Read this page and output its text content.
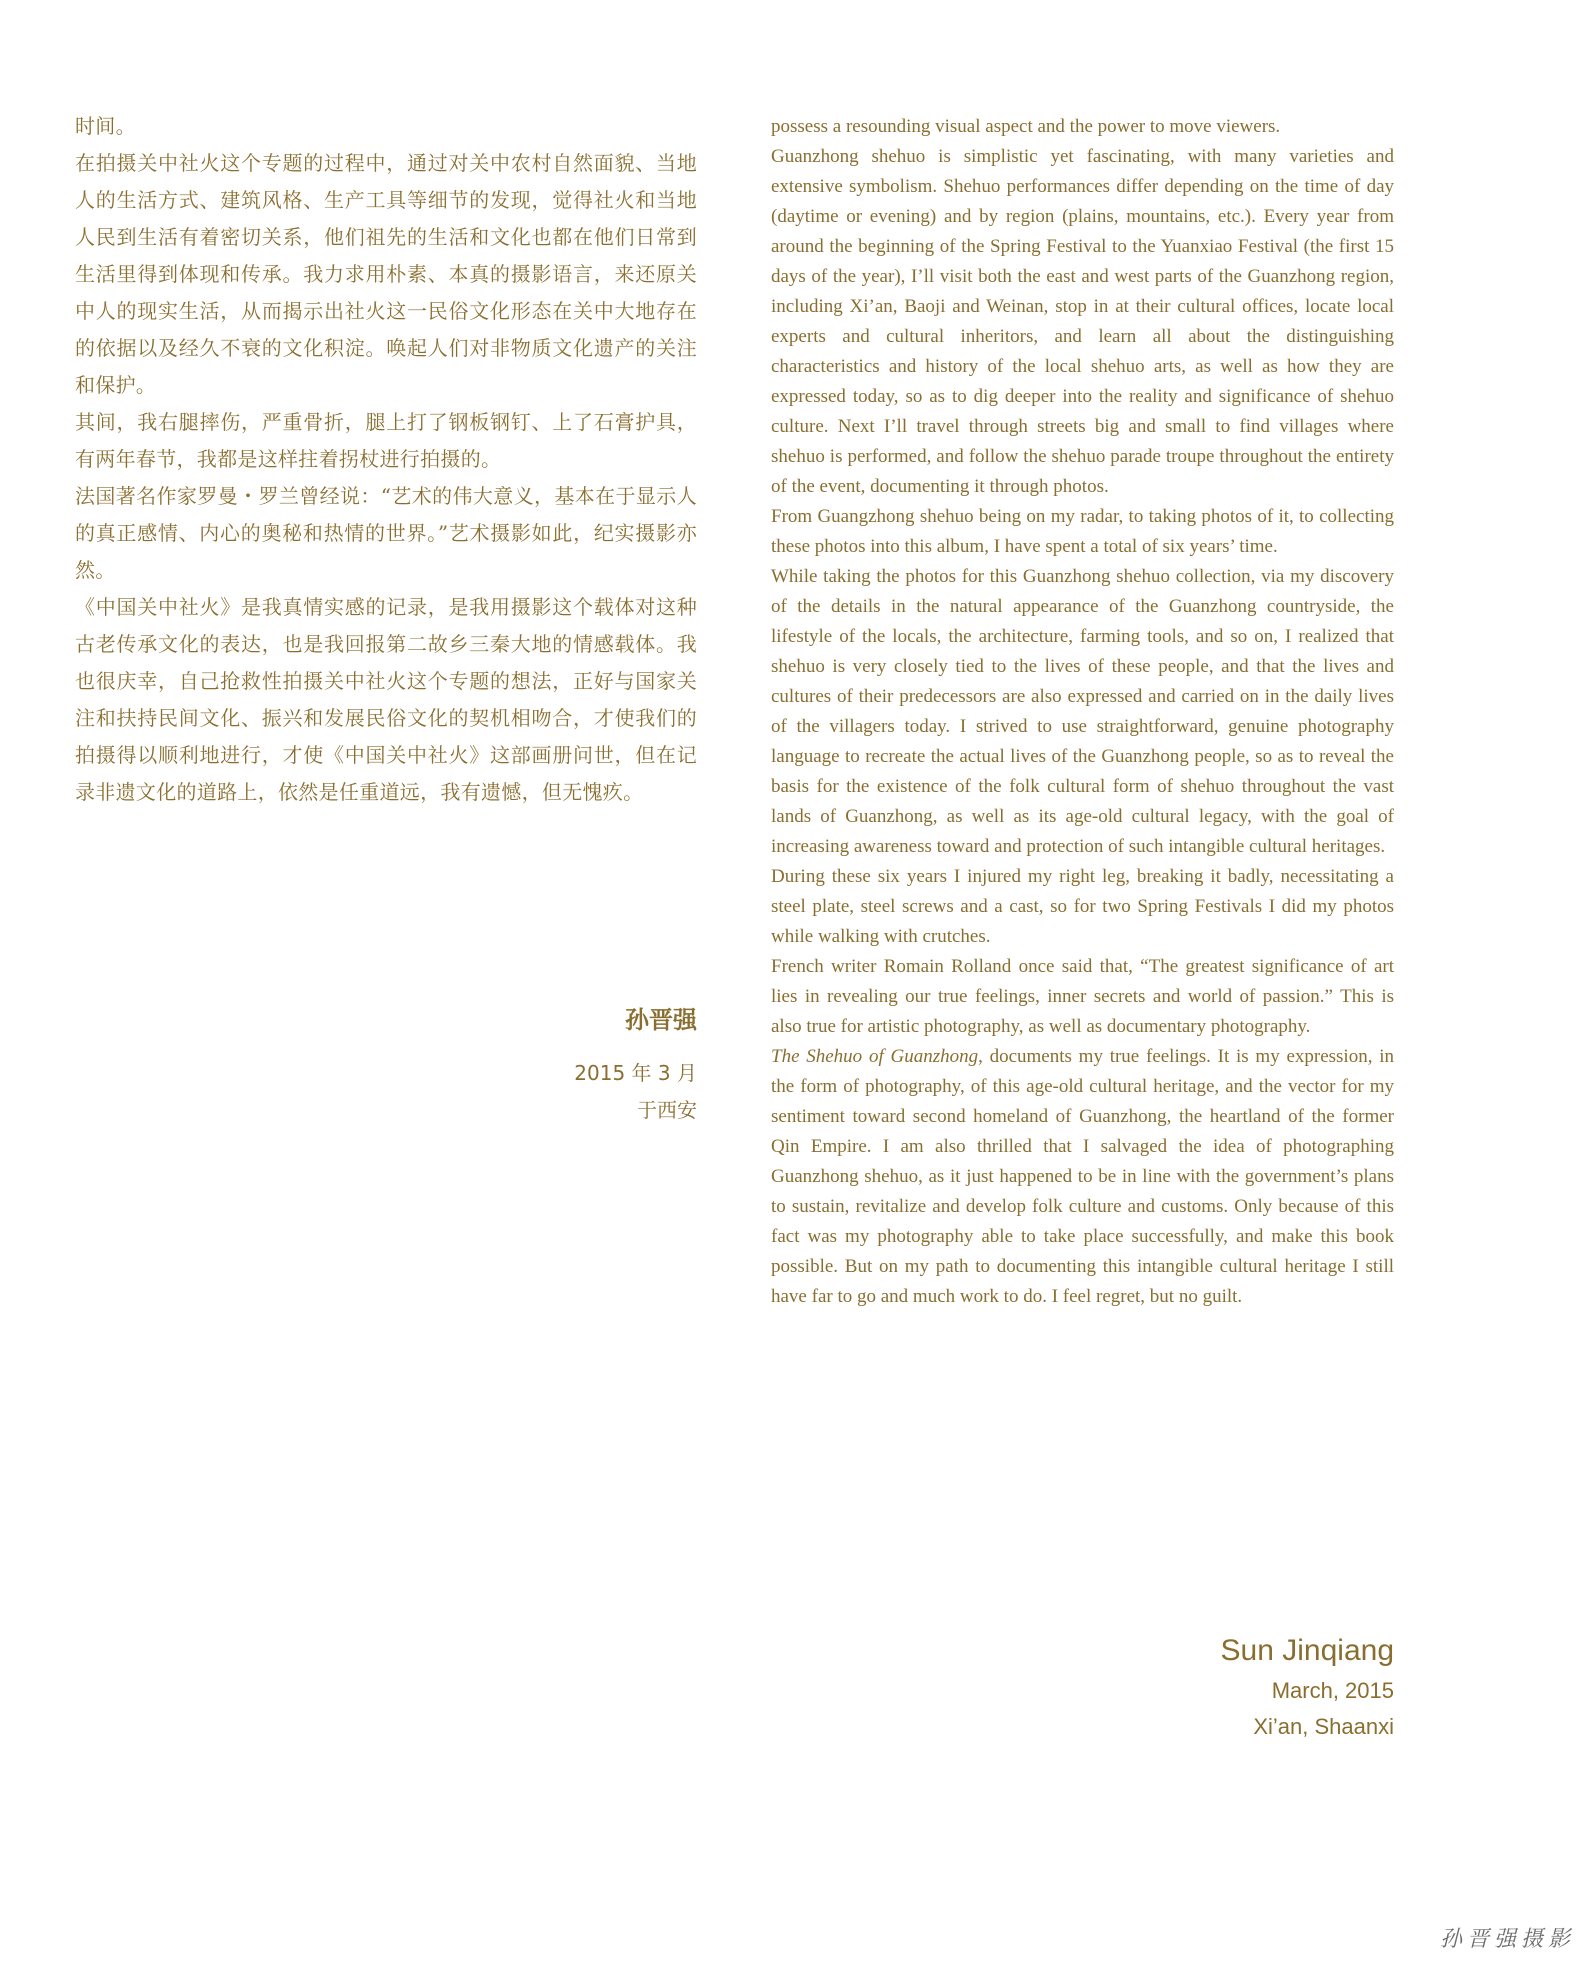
时间。

在拍摄关中社火这个专题的过程中，通过对关中农村自然面貌、当地人的生活方式、建筑风格、生产工具等细节的发现，觉得社火和当地人民到生活有着密切关系，他们祖先的生活和文化也都在他们日常到生活里得到体现和传承。我力求用朴素、本真的摄影语言，来还原关中人的现实生活，从而揭示出社火这一民俗文化形态在关中大地存在的依据以及经久不衰的文化积淀。唤起人们对非物质文化遗产的关注和保护。

其间，我右腿摔伤，严重骨折，腿上打了钢板钢钉、上了石膏护具，有两年春节，我都是这样拄着拐杖进行拍摄的。

法国著名作家罗曼・罗兰曾经说：“艺术的伟大意义，基本在于显示人的真正感情、内心的奥秘和热情的世界。”艺术摄影如此，纪实摄影亦然。

《中国关中社火》是我真情实感的记录，是我用摄影这个载体对这种古老传承文化的表达，也是我回报第二故乡三秦大地的情感载体。我也很庆幸，自己抢救性拍摄关中社火这个专题的想法，正好与国家关注和扶持民间文化、振兴和发展民俗文化的契机相吻合，才使我们的拍摄得以顺利地进行，才使《中国关中社火》这部画册问世，但在记录非遗文化的道路上，依然是任重道远，我有遗憾，但无愧疚。

孙晋强
2015 年 3 月
于西安

possess a resounding visual aspect and the power to move viewers.

Guanzhong shehuo is simplistic yet fascinating, with many varieties and extensive symbolism. Shehuo performances differ depending on the time of day (daytime or evening) and by region (plains, mountains, etc.). Every year from around the beginning of the Spring Festival to the Yuanxiao Festival (the first 15 days of the year), I’ll visit both the east and west parts of the Guanzhong region, including Xi’an, Baoji and Weinan, stop in at their cultural offices, locate local experts and cultural inheritors, and learn all about the distinguishing characteristics and history of the local shehuo arts, as well as how they are expressed today, so as to dig deeper into the reality and significance of shehuo culture. Next I’ll travel through streets big and small to find villages where shehuo is performed, and follow the shehuo parade troupe throughout the entirety of the event, documenting it through photos.

From Guangzhong shehuo being on my radar, to taking photos of it, to collecting these photos into this album, I have spent a total of six years’ time.

While taking the photos for this Guanzhong shehuo collection, via my discovery of the details in the natural appearance of the Guanzhong countryside, the lifestyle of the locals, the architecture, farming tools, and so on, I realized that shehuo is very closely tied to the lives of these people, and that the lives and cultures of their predecessors are also expressed and carried on in the daily lives of the villagers today. I strived to use straightforward, genuine photography language to recreate the actual lives of the Guanzhong people, so as to reveal the basis for the existence of the folk cultural form of shehuo throughout the vast lands of Guanzhong, as well as its age-old cultural legacy, with the goal of increasing awareness toward and protection of such intangible cultural heritages.

During these six years I injured my right leg, breaking it badly, necessitating a steel plate, steel screws and a cast, so for two Spring Festivals I did my photos while walking with crutches.

French writer Romain Rolland once said that, “The greatest significance of art lies in revealing our true feelings, inner secrets and world of passion.” This is also true for artistic photography, as well as documentary photography.

The Shehuo of Guanzhong, documents my true feelings. It is my expression, in the form of photography, of this age-old cultural heritage, and the vector for my sentiment toward second homeland of Guanzhong, the heartland of the former Qin Empire. I am also thrilled that I salvaged the idea of photographing Guanzhong shehuo, as it just happened to be in line with the government’s plans to sustain, revitalize and develop folk culture and customs. Only because of this fact was my photography able to take place successfully, and make this book possible. But on my path to documenting this intangible cultural heritage I still have far to go and much work to do. I feel regret, but no guilt.

Sun Jinqiang
March, 2015
Xi’an, Shaanxi
孙晋强摄影
